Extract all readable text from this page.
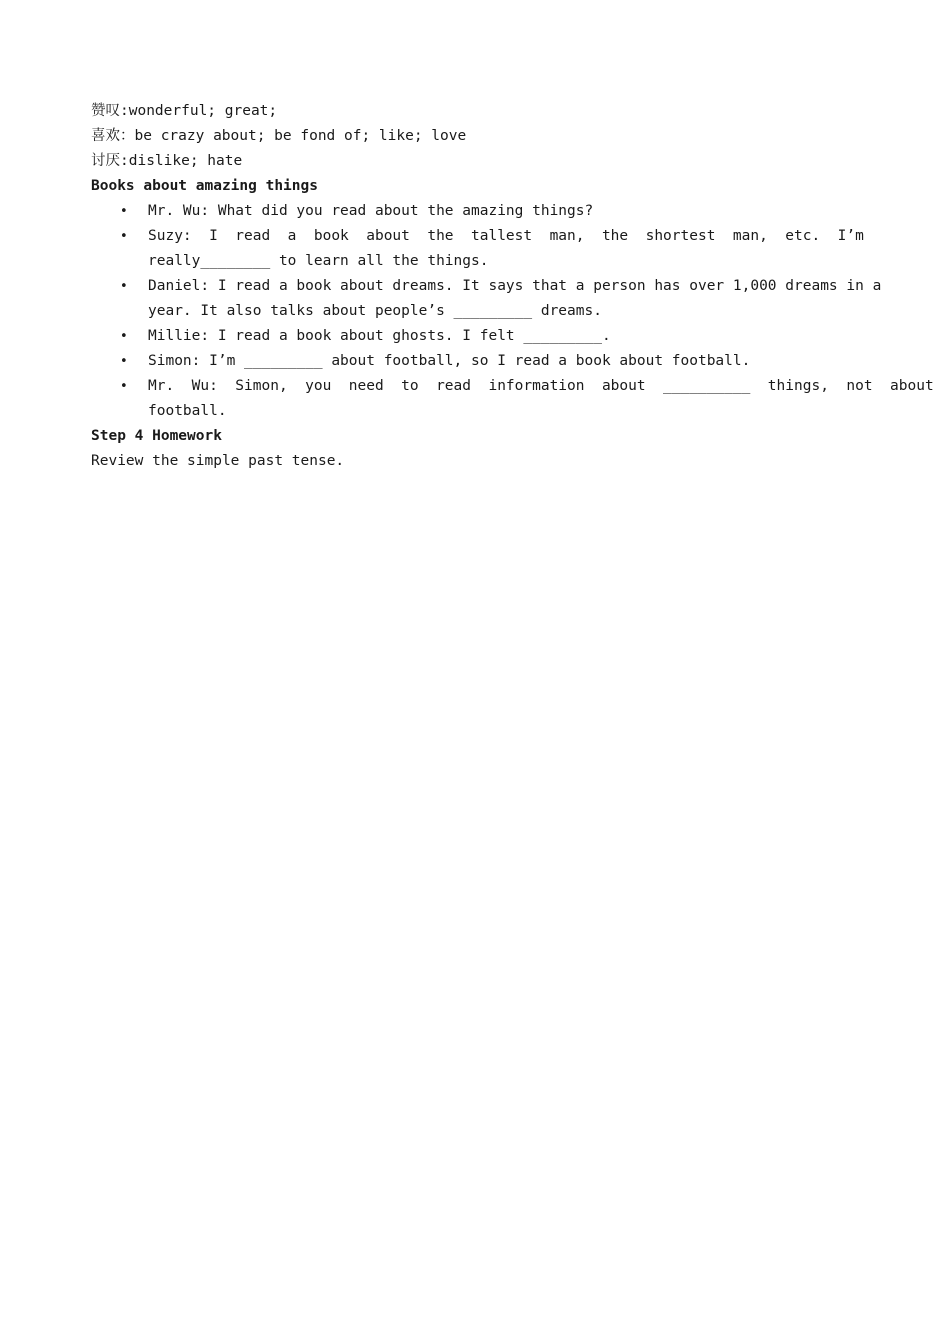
赞叹:wonderful; great;
喜欢：be crazy about; be fond of; like; love
讨厌:dislike; hate
Books about amazing things
• Mr. Wu: What did you read about the amazing things?
• Suzy:  I  read  a  book  about  the  tallest  man,  the  shortest  man,  etc.  I’m
really________ to learn all the things.
• Daniel: I read a book about dreams. It says that a person has over 1,000 dreams in a
year. It also talks about people’s _________ dreams.
• Millie: I read a book about ghosts. I felt _________.
• Simon: I’m _________ about football, so I read a book about football.
• Mr.  Wu:  Simon,  you  need  to  read  information  about  __________  things,  not  about
football.
Step 4 Homework
Review the simple past tense.
